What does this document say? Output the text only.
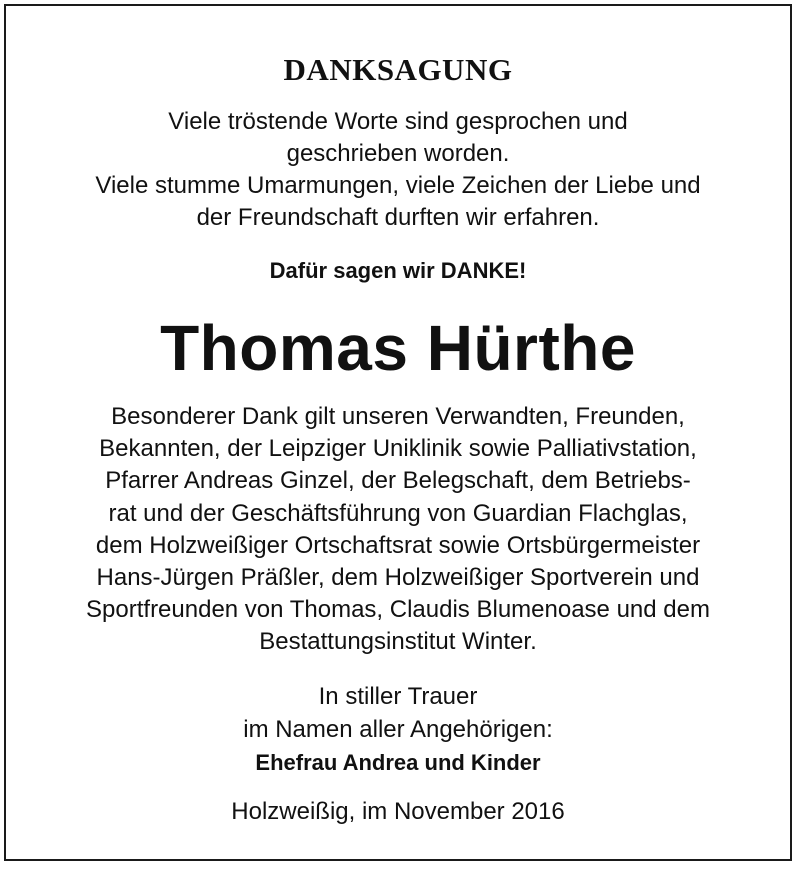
DANKSAGUNG
Viele tröstende Worte sind gesprochen und
geschrieben worden.
Viele stumme Umarmungen, viele Zeichen der Liebe und
der Freundschaft durften wir erfahren.
Dafür sagen wir DANKE!
Thomas Hürthe
Besonderer Dank gilt unseren Verwandten, Freunden,
Bekannten, der Leipziger Uniklinik sowie Palliativstation,
Pfarrer Andreas Ginzel, der Belegschaft, dem Betriebs-
rat und der Geschäftsführung von Guardian Flachglas,
dem Holzweißiger Ortschaftsrat sowie Ortsbürgermeister
Hans-Jürgen Präßler, dem Holzweißiger Sportverein und
Sportfreunden von Thomas, Claudis Blumenoase und dem
Bestattungsinstitut Winter.
In stiller Trauer
im Namen aller Angehörigen:
Ehefrau Andrea und Kinder
Holzweißig, im November 2016
